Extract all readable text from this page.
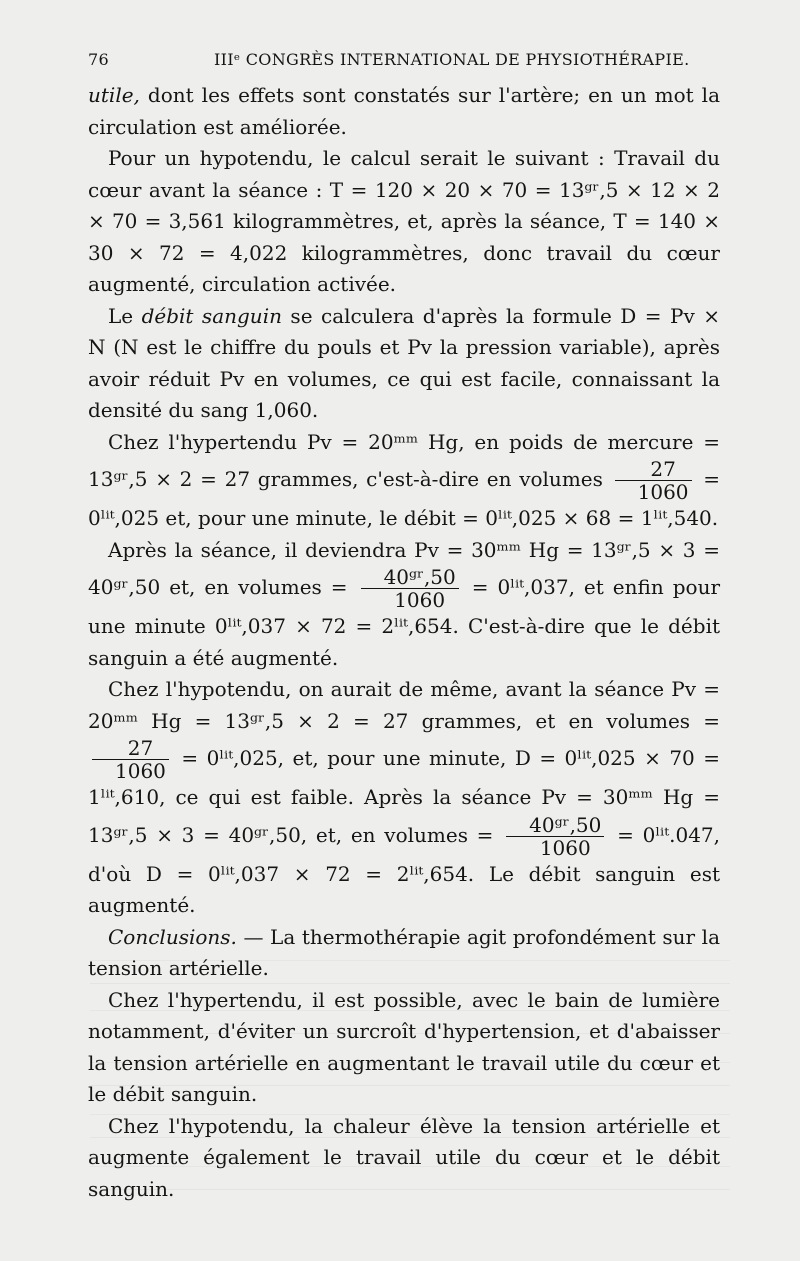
76	IIIᵉ CONGRÈS INTERNATIONAL DE PHYSIOTHÉRAPIE.

utile, dont les effets sont constatés sur l'artère; en un mot la circulation est améliorée.

Pour un hypotendu, le calcul serait le suivant : Travail du cœur avant la séance : T = 120 × 20 × 70 = 13ᵍʳ,5 × 12 × 2 × 70 = 3,561 kilogrammètres, et, après la séance, T = 140 × 30 × 72 = 4,022 kilogrammètres, donc travail du cœur augmenté, circulation activée.

Le débit sanguin se calculera d'après la formule D = Pv × N (N est le chiffre du pouls et Pv la pression variable), après avoir réduit Pv en volumes, ce qui est facile, connaissant la densité du sang 1,060.

Chez l'hypertendu Pv = 20ᵐᵐ Hg, en poids de mercure = 13ᵍʳ,5 × 2 = 27 grammes, c'est-à-dire en volumes $\frac{27}{1060}$ = 0ˡⁱᵗ,025 et, pour une minute, le débit = 0ˡⁱᵗ,025 × 68 = 1ˡⁱᵗ,540.

Après la séance, il deviendra Pv = 30ᵐᵐ Hg = 13ᵍʳ,5 × 3 = 40ᵍʳ,50 et, en volumes = $\frac{\text{40ᵍʳ,50}}{1060}$ = 0ˡⁱᵗ,037, et enfin pour une minute 0ˡⁱᵗ,037 × 72 = 2ˡⁱᵗ,654. C'est-à-dire que le débit sanguin a été augmenté.

Chez l'hypotendu, on aurait de même, avant la séance Pv = 20ᵐᵐ Hg = 13ᵍʳ,5 × 2 = 27 grammes, et en volumes =
$\frac{27}{1060}$ = 0ˡⁱᵗ,025, et, pour une minute, D = 0ˡⁱᵗ,025 × 70 = 1ˡⁱᵗ,610, ce qui est faible. Après la séance Pv = 30ᵐᵐ Hg = 13ᵍʳ,5 × 3 = 40ᵍʳ,50, et, en volumes = $\frac{\text{40ᵍʳ,50}}{1060}$ = 0ˡⁱᵗ.047, d'où D = 0ˡⁱᵗ,037 × 72 = 2ˡⁱᵗ,654. Le débit sanguin est augmenté.

Conclusions. — La thermothérapie agit profondément sur la tension artérielle.

Chez l'hypertendu, il est possible, avec le bain de lumière notamment, d'éviter un surcroît d'hypertension, et d'abaisser la tension artérielle en augmentant le travail utile du cœur et le débit sanguin.

Chez l'hypotendu, la chaleur élève la tension artérielle et augmente également le travail utile du cœur et le débit sanguin.
